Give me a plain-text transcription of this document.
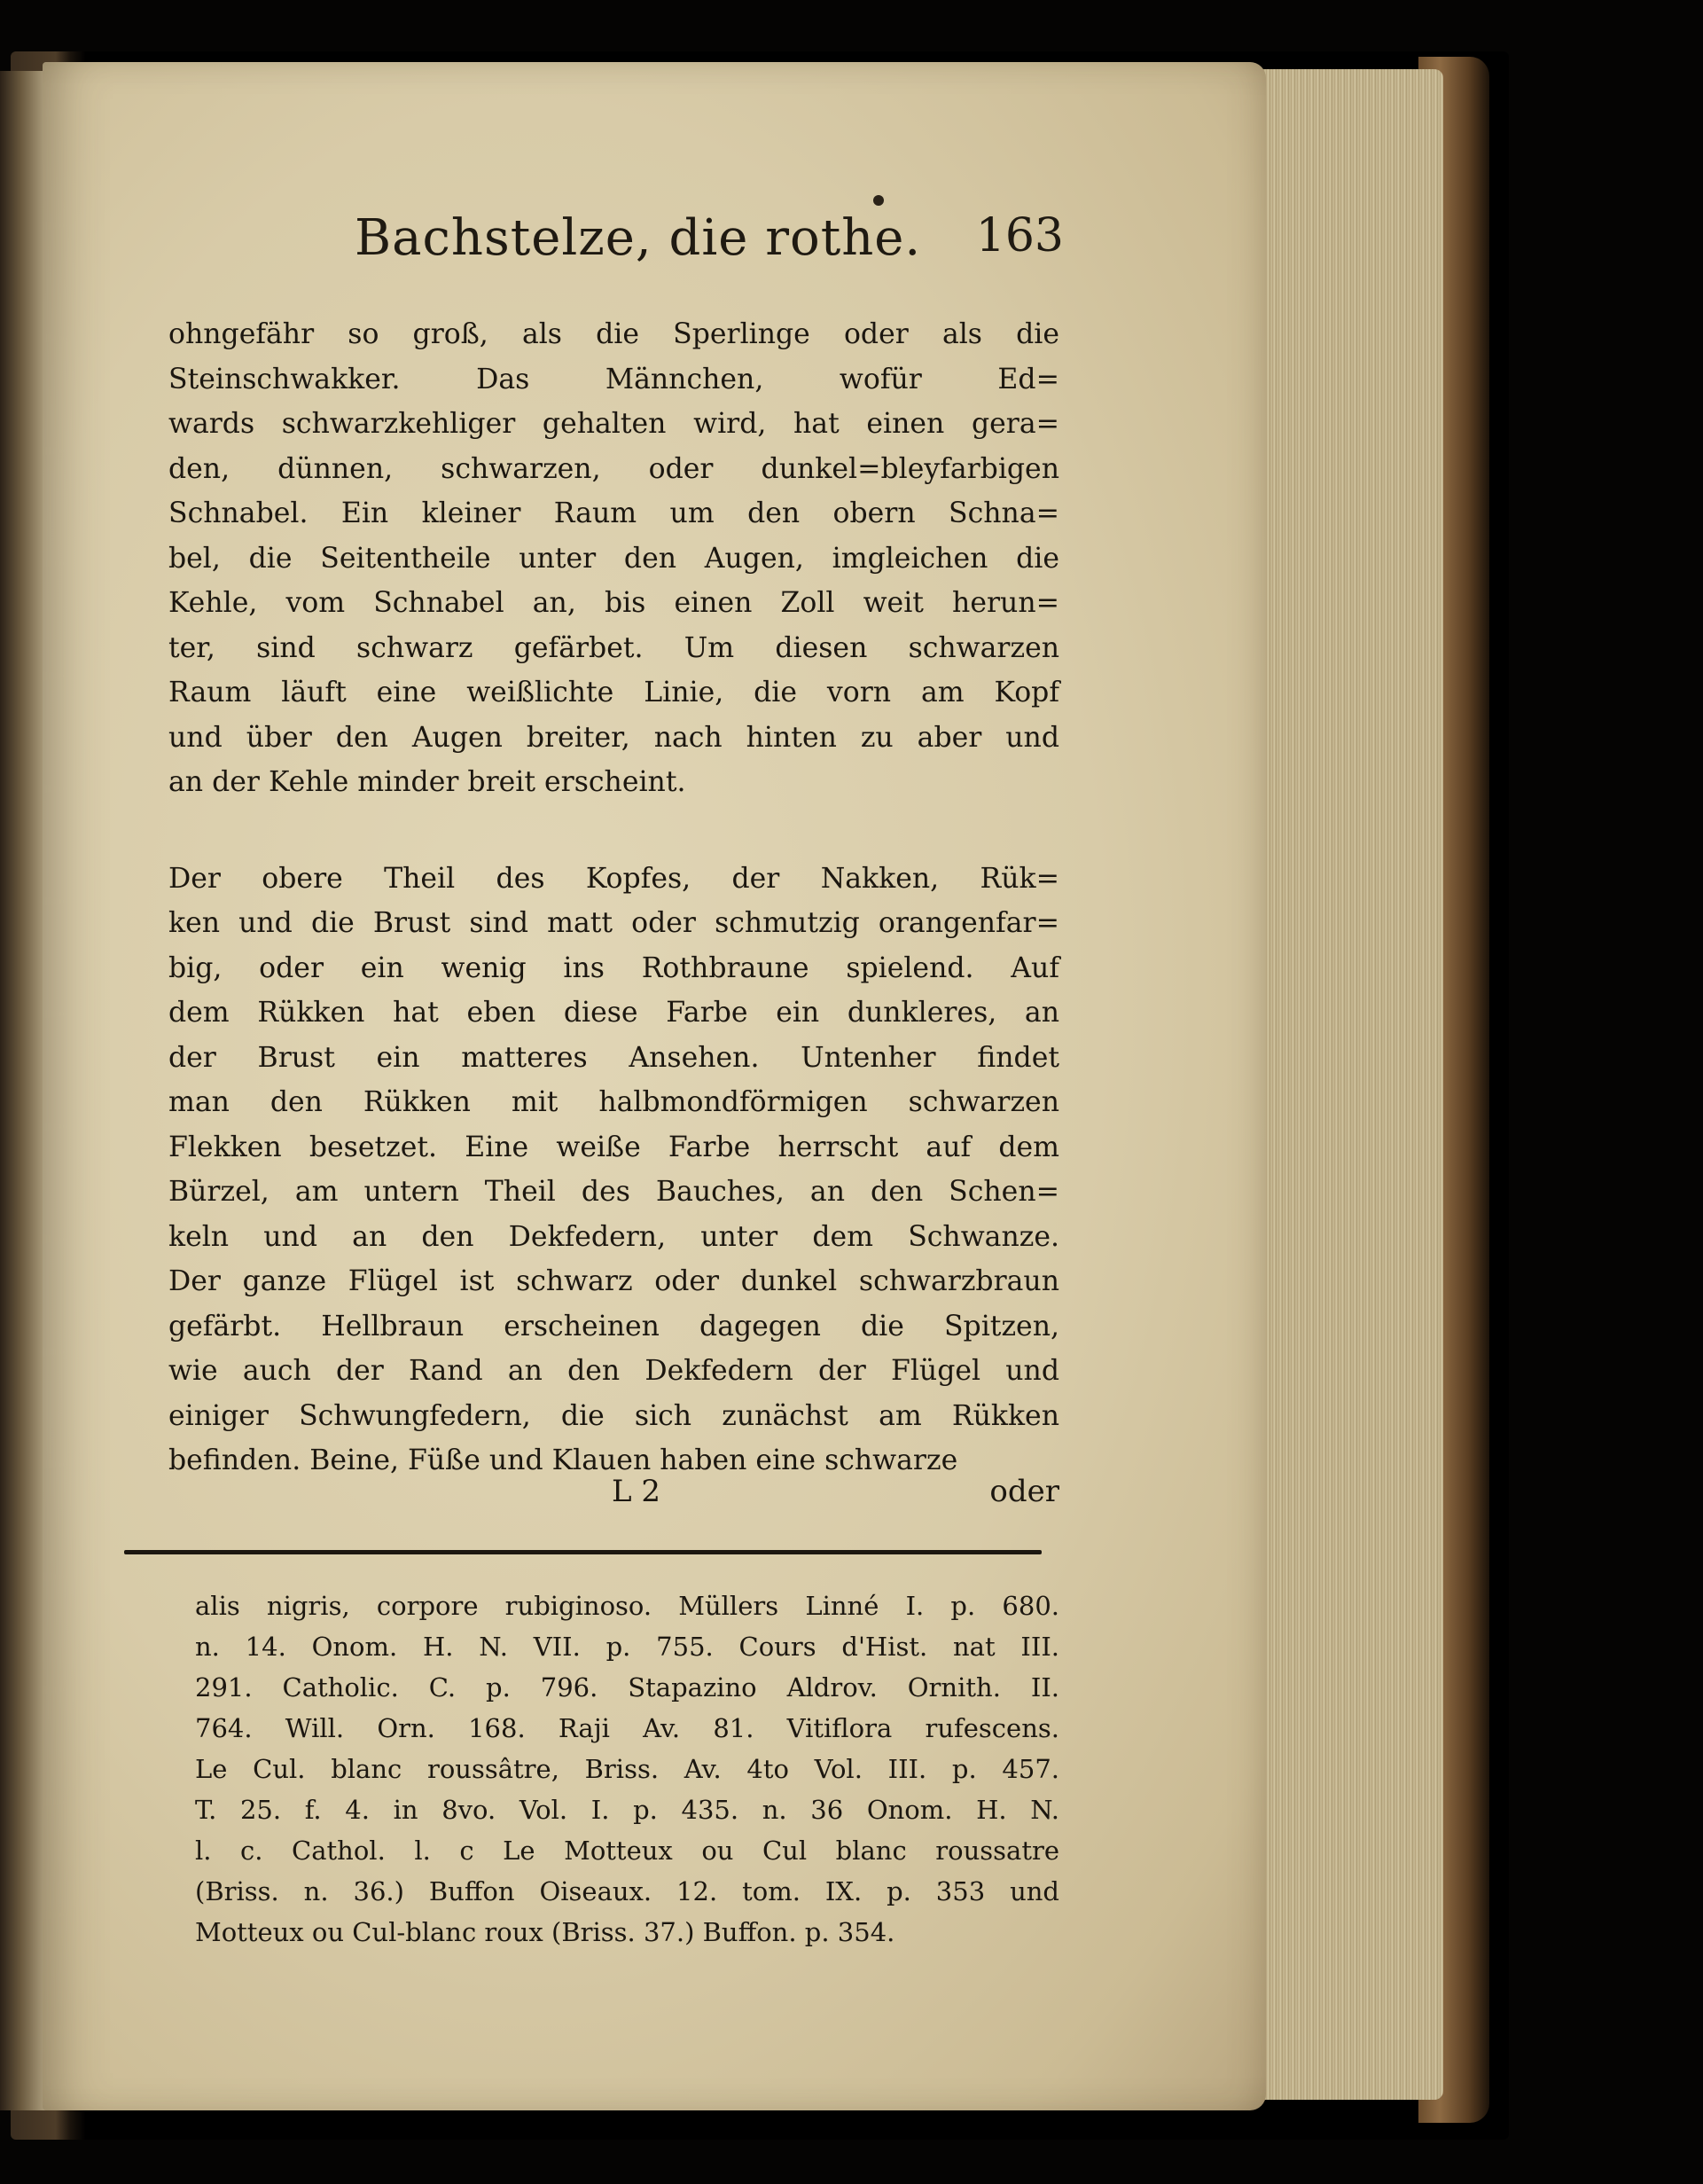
Bachstelze, die rothe. 163
ohngefähr so groß, als die Sperlinge oder als die
Steinschwakker. Das Männchen, wofür Ed=
wards schwarzkehliger gehalten wird, hat einen gera=
den, dünnen, schwarzen, oder dunkel=bleyfarbigen
Schnabel. Ein kleiner Raum um den obern Schna=
bel, die Seitentheile unter den Augen, imgleichen die
Kehle, vom Schnabel an, bis einen Zoll weit herun=
ter, sind schwarz gefärbet. Um diesen schwarzen
Raum läuft eine weißlichte Linie, die vorn am Kopf
und über den Augen breiter, nach hinten zu aber und
an der Kehle minder breit erscheint.
Der obere Theil des Kopfes, der Nakken, Rük=
ken und die Brust sind matt oder schmutzig orangenfar=
big, oder ein wenig ins Rothbraune spielend. Auf
dem Rükken hat eben diese Farbe ein dunkleres, an
der Brust ein matteres Ansehen. Untenher findet
man den Rükken mit halbmondförmigen schwarzen
Flekken besetzet. Eine weiße Farbe herrscht auf dem
Bürzel, am untern Theil des Bauches, an den Schen=
keln und an den Dekfedern, unter dem Schwanze.
Der ganze Flügel ist schwarz oder dunkel schwarzbraun
gefärbt. Hellbraun erscheinen dagegen die Spitzen,
wie auch der Rand an den Dekfedern der Flügel und
einiger Schwungfedern, die sich zunächst am Rükken
befinden. Beine, Füße und Klauen haben eine schwarze
L 2	oder
alis nigris, corpore rubiginoso. Müllers Linné I. p. 680.
n. 14. Onom. H. N. VII. p. 755. Cours d'Hist. nat III.
291. Catholic. C. p. 796. Stapazino Aldrov. Ornith. II.
764. Will. Orn. 168. Raji Av. 81. Vitiflora rufescens.
Le Cul. blanc roussâtre, Briss. Av. 4to Vol. III. p. 457.
T. 25. f. 4. in 8vo. Vol. I. p. 435. n. 36 Onom. H. N.
l. c. Cathol. l. c Le Motteux ou Cul blanc roussatre
(Briss. n. 36.) Buffon Oiseaux. 12. tom. IX. p. 353 und
Motteux ou Cul-blanc roux (Briss. 37.) Buffon. p. 354.
